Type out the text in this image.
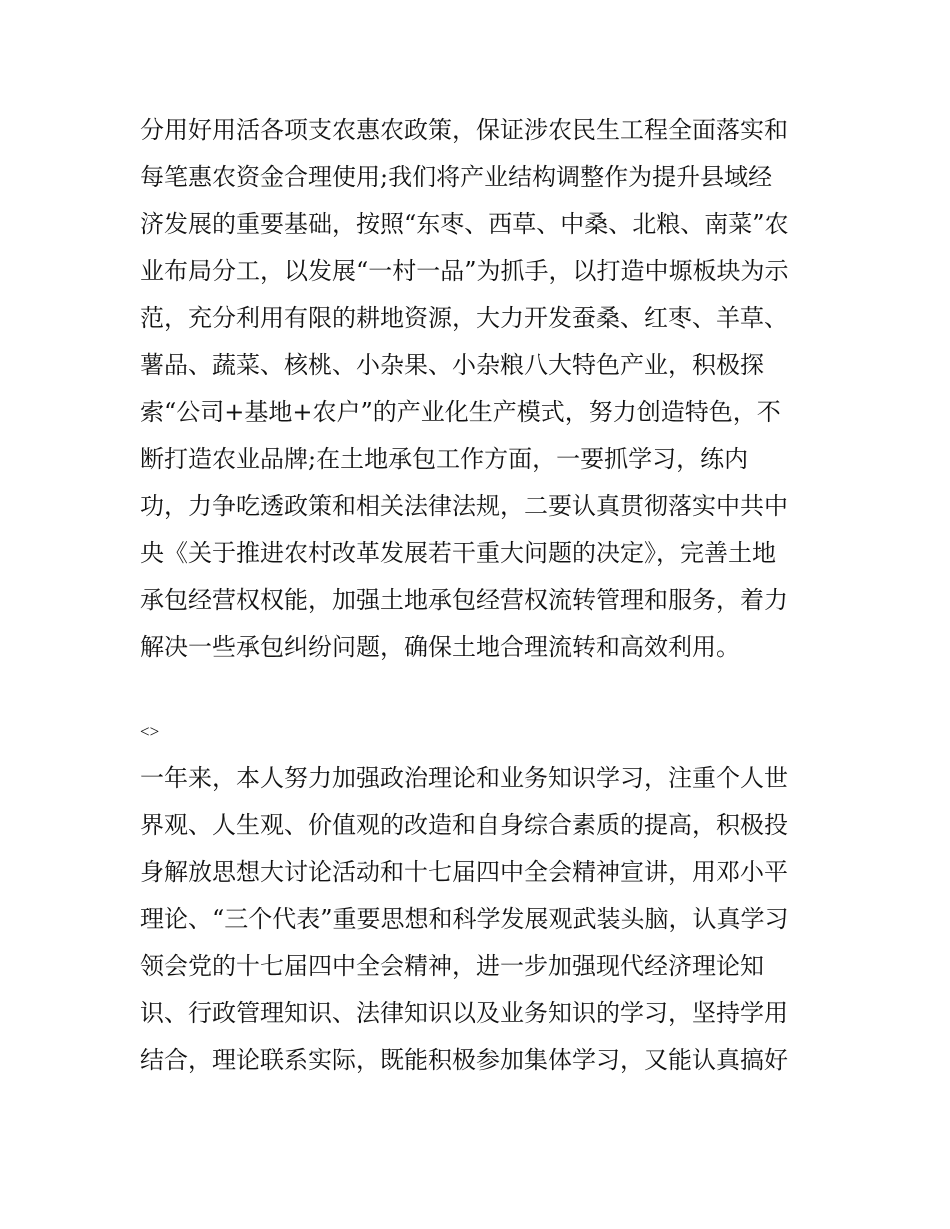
分用好用活各项支农惠农政策，保证涉农民生工程全面落实和
每笔惠农资金合理使用;我们将产业结构调整作为提升县域经
济发展的重要基础，按照“东枣、西草、中桑、北粮、南菜”农
业布局分工，以发展“一村一品”为抓手，以打造中塬板块为示
范，充分利用有限的耕地资源，大力开发蚕桑、红枣、羊草、
薯品、蔬菜、核桃、小杂果、小杂粮八大特色产业，积极探
索“公司+基地+农户”的产业化生产模式，努力创造特色，不
断打造农业品牌;在土地承包工作方面，一要抓学习，练内
功，力争吃透政策和相关法律法规，二要认真贯彻落实中共中
央《关于推进农村改革发展若干重大问题的决定》，完善土地
承包经营权权能，加强土地承包经营权流转管理和服务，着力
解决一些承包纠纷问题，确保土地合理流转和高效利用。
<>
一年来，本人努力加强政治理论和业务知识学习，注重个人世
界观、人生观、价值观的改造和自身综合素质的提高，积极投
身解放思想大讨论活动和十七届四中全会精神宣讲，用邓小平
理论、“三个代表”重要思想和科学发展观武装头脑，认真学习
领会党的十七届四中全会精神，进一步加强现代经济理论知
识、行政管理知识、法律知识以及业务知识的学习，坚持学用
结合，理论联系实际，既能积极参加集体学习，又能认真搞好
